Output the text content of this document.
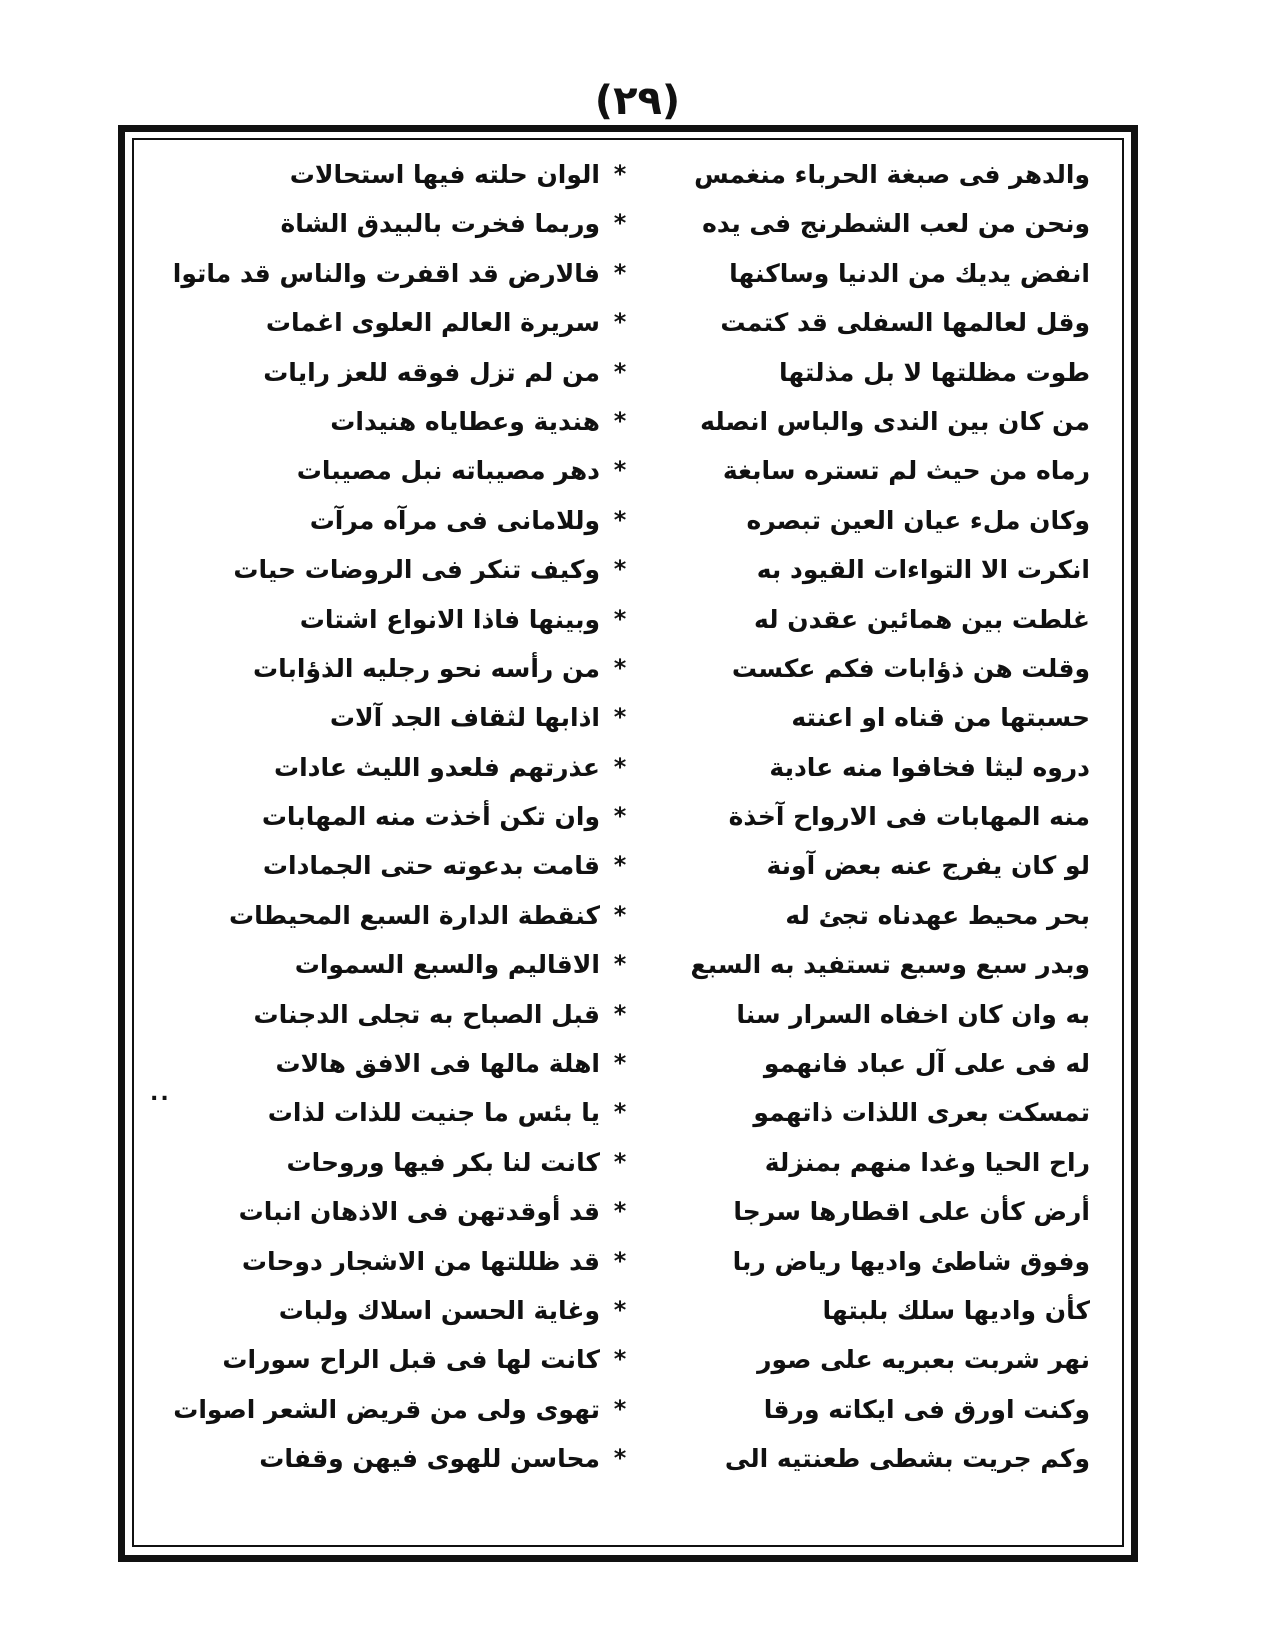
(٢٩)
..
والدهر فى صبغة الحرباء منغمس
*
الوان حلته فيها استحالات
ونحن من لعب الشطرنج فى يده
*
وربما فخرت بالبيدق الشاة
انفض يديك من الدنيا وساكنها
*
فالارض قد اقفرت والناس قد ماتوا
وقل لعالمها السفلى قد كتمت
*
سريرة العالم العلوى اغمات
طوت مظلتها لا بل مذلتها
*
من لم تزل فوقه للعز رايات
من كان بين الندى والباس انصله
*
هندية وعطاياه هنيدات
رماه من حيث لم تستره سابغة
*
دهر مصيباته نبل مصيبات
وكان ملء عيان العين تبصره
*
وللامانى فى مرآه مرآت
انكرت الا التواءات القيود به
*
وكيف تنكر فى الروضات حيات
غلطت بين همائين عقدن له
*
وبينها فاذا الانواع اشتات
وقلت هن ذؤابات فكم عكست
*
من رأسه نحو رجليه الذؤابات
حسبتها من قناه او اعنته
*
اذابها لثقاف الجد آلات
دروه ليثا فخافوا منه عادية
*
عذرتهم فلعدو الليث عادات
منه المهابات فى الارواح آخذة
*
وان تكن أخذت منه المهابات
لو كان يفرج عنه بعض آونة
*
قامت بدعوته حتى الجمادات
بحر محيط عهدناه تجئ له
*
كنقطة الدارة السبع المحيطات
وبدر سبع وسبع تستفيد به السبع
*
الاقاليم والسبع السموات
به وان كان اخفاه السرار سنا
*
قبل الصباح به تجلى الدجنات
له فى على آل عباد فانهمو
*
اهلة مالها فى الافق هالات
تمسكت بعرى اللذات ذاتهمو
*
يا بئس ما جنيت للذات لذات
راح الحيا وغدا منهم بمنزلة
*
كانت لنا بكر فيها وروحات
أرض كأن على اقطارها سرجا
*
قد أوقدتهن فى الاذهان انبات
وفوق شاطئ واديها رياض ربا
*
قد ظللتها من الاشجار دوحات
كأن واديها سلك بلبتها
*
وغاية الحسن اسلاك ولبات
نهر شربت بعبريه على صور
*
كانت لها فى قبل الراح سورات
وكنت اورق فى ايكاته ورقا
*
تهوى ولى من قريض الشعر اصوات
وكم جريت بشطى طعنتيه الى
*
محاسن للهوى فيهن وقفات
